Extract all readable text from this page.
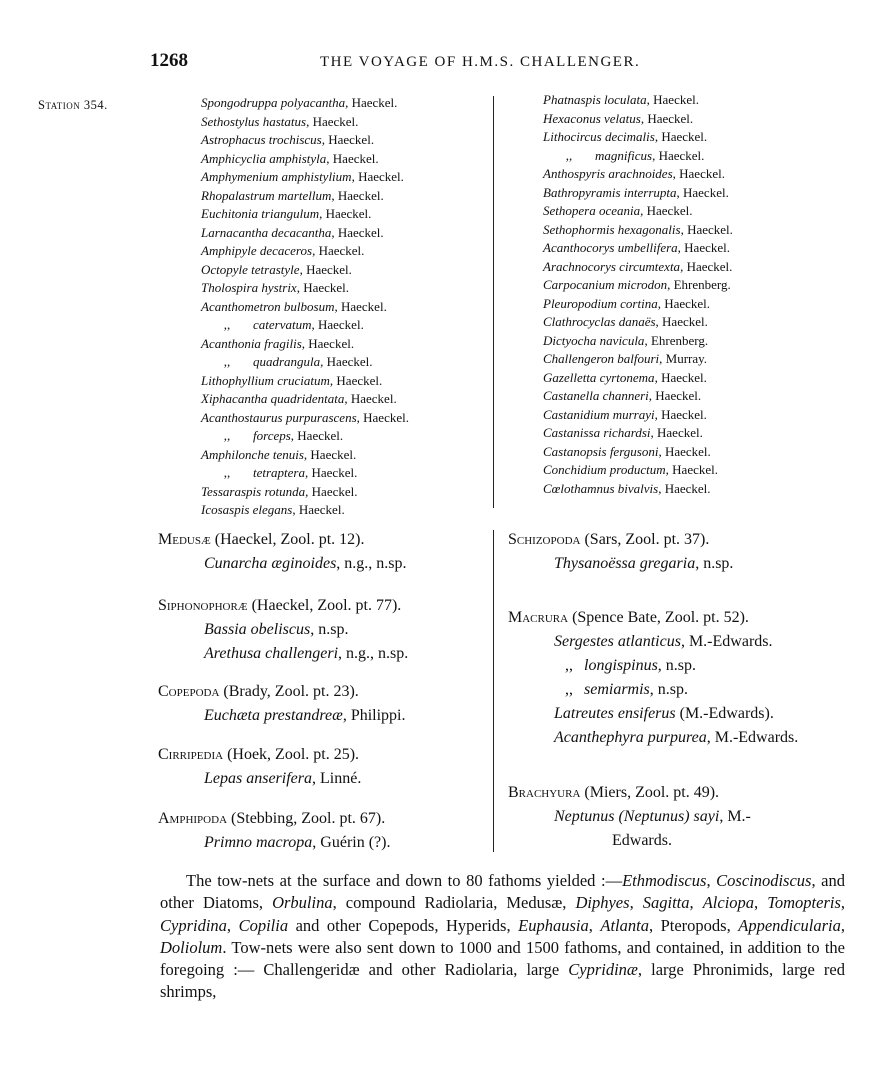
1268	THE VOYAGE OF H.M.S. CHALLENGER.
Station 354.	Spongodruppa polyacantha, Haeckel.
Sethostylus hastatus, Haeckel.
Astrophacus trochiscus, Haeckel.
Amphicyclia amphistyla, Haeckel.
Amphymenium amphistylium, Haeckel.
Rhopalastrum martellum, Haeckel.
Euchitonia triangulum, Haeckel.
Larnacantha decacantha, Haeckel.
Amphipyle decaceros, Haeckel.
Octopyle tetrastyle, Haeckel.
Tholospira hystrix, Haeckel.
Acanthometron bulbosum, Haeckel.
,, catervatum, Haeckel.
Acanthonia fragilis, Haeckel.
,, quadrangula, Haeckel.
Lithophyllium cruciatum, Haeckel.
Xiphacantha quadridentata, Haeckel.
Acanthostaurus purpurascens, Haeckel.
,, forceps, Haeckel.
Amphilonche tenuis, Haeckel.
,, tetraptera, Haeckel.
Tessaraspis rotunda, Haeckel.
Icosaspis elegans, Haeckel.
Phatnaspis loculata, Haeckel.
Hexaconus velatus, Haeckel.
Lithocircus decimalis, Haeckel.
,, magnificus, Haeckel.
Anthospyris arachnoides, Haeckel.
Bathropyramis interrupta, Haeckel.
Sethopera oceania, Haeckel.
Sethophormis hexagonalis, Haeckel.
Acanthocorys umbellifera, Haeckel.
Arachnocorys circumtexta, Haeckel.
Carpocanium microdon, Ehrenberg.
Pleuropodium cortina, Haeckel.
Clathrocyclas danaës, Haeckel.
Dictyocha navicula, Ehrenberg.
Challengeron balfouri, Murray.
Gazelletta cyrtonema, Haeckel.
Castanella channeri, Haeckel.
Castanidium murrayi, Haeckel.
Castanissa richardsi, Haeckel.
Castanopsis fergusoni, Haeckel.
Conchidium productum, Haeckel.
Cœlothamnus bivalvis, Haeckel.
Medusæ (Haeckel, Zool. pt. 12).
Cunarcha æginoides, n.g., n.sp.
Siphonophoræ (Haeckel, Zool. pt. 77).
Bassia obeliscus, n.sp.
Arethusa challengeri, n.g., n.sp.
Copepoda (Brady, Zool. pt. 23).
Euchæta prestandreæ, Philippi.
Cirripedia (Hoek, Zool. pt. 25).
Lepas anserifera, Linné.
Amphipoda (Stebbing, Zool. pt. 67).
Primno macropa, Guérin (?).
Schizopoda (Sars, Zool. pt. 37).
Thysanoëssa gregaria, n.sp.
Macrura (Spence Bate, Zool. pt. 52).
Sergestes atlanticus, M.-Edwards.
,, longispinus, n.sp.
,, semiarmis, n.sp.
Latreutes ensiferus (M.-Edwards).
Acanthephyra purpurea, M.-Edwards.
Brachyura (Miers, Zool. pt. 49).
Neptunus (Neptunus) sayi, M.-
Edwards.

The tow-nets at the surface and down to 80 fathoms yielded :—Ethmodiscus, Coscinodiscus, and other Diatoms, Orbulina, compound Radiolaria, Medusæ, Diphyes, Sagitta, Alciopa, Tomopteris, Cypridina, Copilia and other Copepods, Hyperids, Euphausia, Atlanta, Pteropods, Appendicularia, Doliolum. Tow-nets were also sent down to 1000 and 1500 fathoms, and contained, in addition to the foregoing :— Challengeridæ and other Radiolaria, large Cypridinæ, large Phronimids, large red shrimps,
